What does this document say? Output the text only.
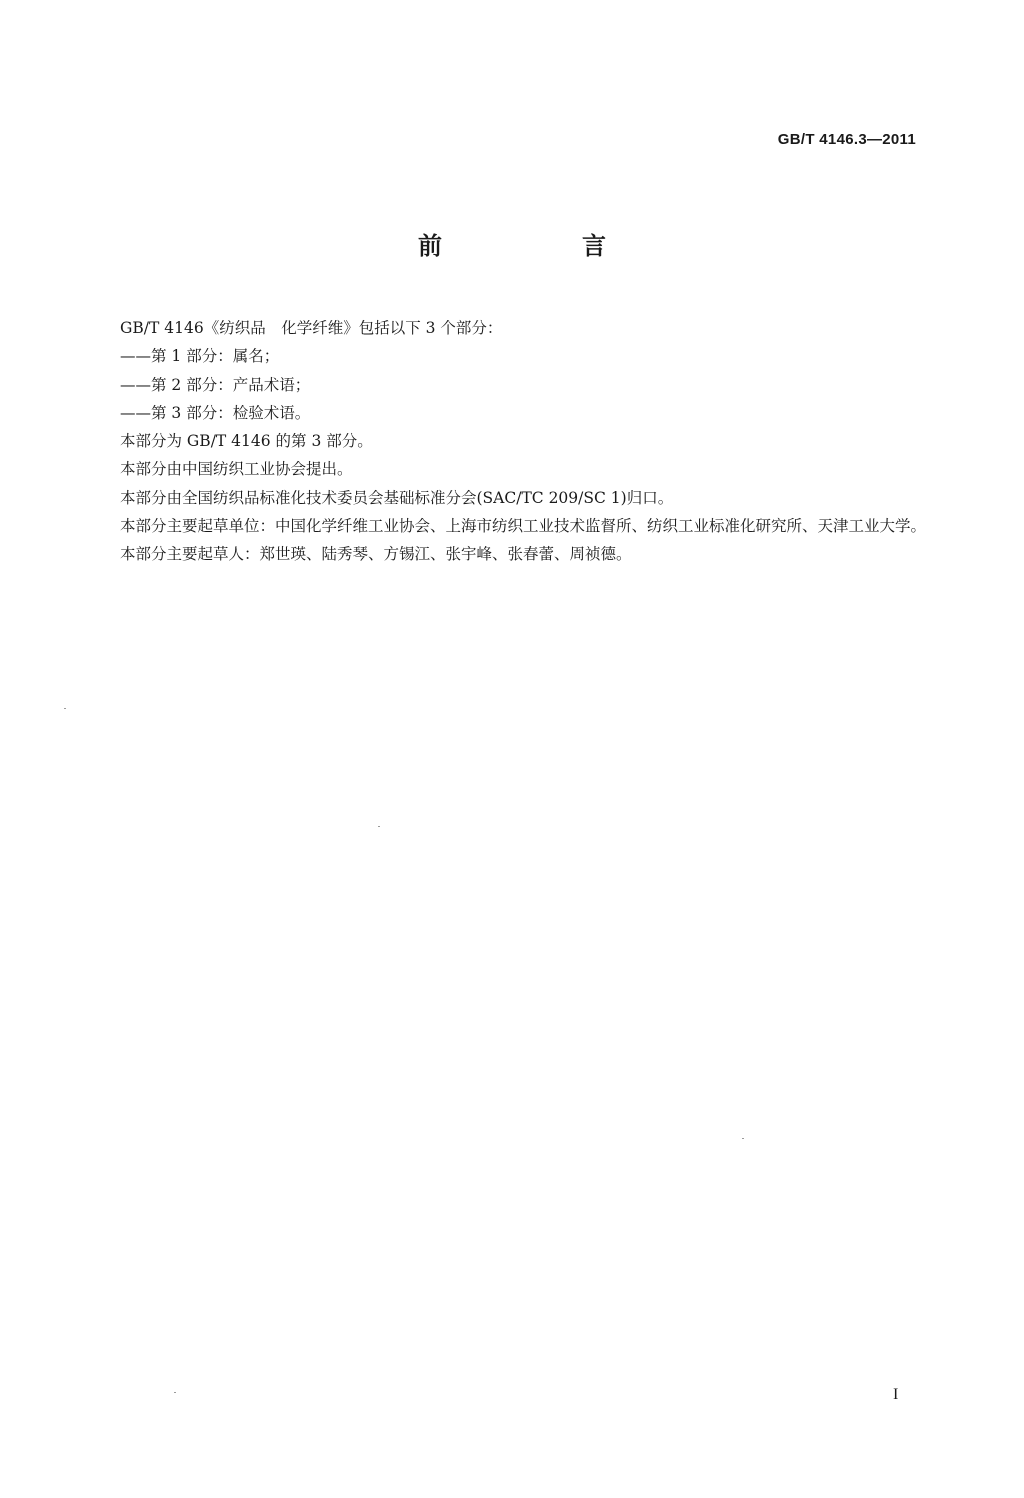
GB/T 4146.3—2011
前　言

GB/T 4146《纺织品　化学纤维》包括以下 3 个部分：

——第 1 部分：属名；

——第 2 部分：产品术语；

——第 3 部分：检验术语。

本部分为 GB/T 4146 的第 3 部分。

本部分由中国纺织工业协会提出。

本部分由全国纺织品标准化技术委员会基础标准分会(SAC/TC 209/SC 1)归口。

本部分主要起草单位：中国化学纤维工业协会、上海市纺织工业技术监督所、纺织工业标准化研究所、天津工业大学。

本部分主要起草人：郑世瑛、陆秀琴、方锡江、张宇峰、张春蕾、周祯德。

I
